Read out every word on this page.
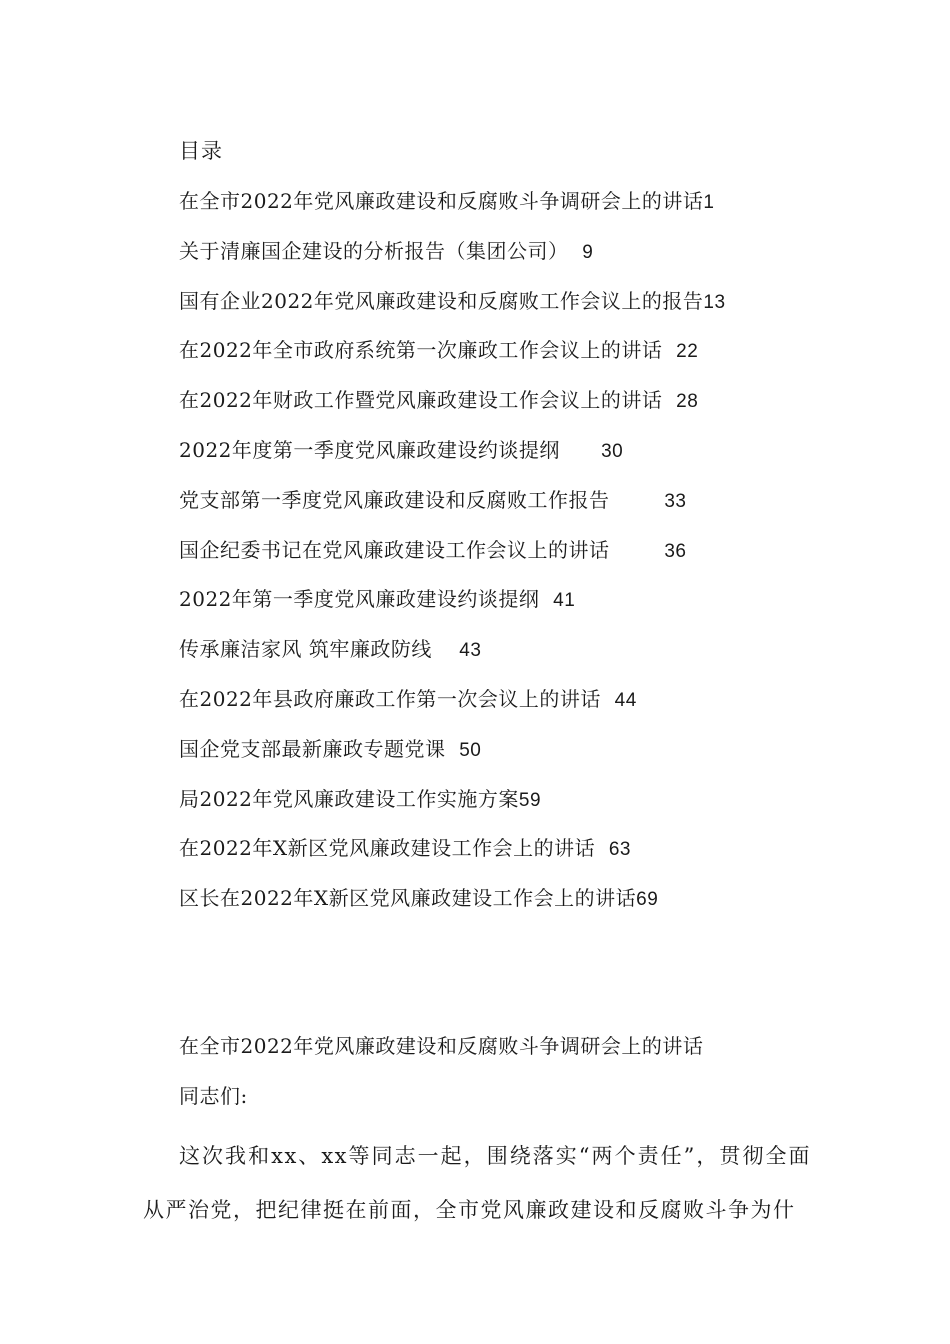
目录
在全市2022年党风廉政建设和反腐败斗争调研会上的讲话1
关于清廉国企建设的分析报告（集团公司） 9
国有企业2022年党风廉政建设和反腐败工作会议上的报告13
在2022年全市政府系统第一次廉政工作会议上的讲话 22
在2022年财政工作暨党风廉政建设工作会议上的讲话 28
2022年度第一季度党风廉政建设约谈提纲 30
党支部第一季度党风廉政建设和反腐败工作报告	33
国企纪委书记在党风廉政建设工作会议上的讲话	36
2022年第一季度党风廉政建设约谈提纲 41
传承廉洁家风 筑牢廉政防线 43
在2022年县政府廉政工作第一次会议上的讲话 44
国企党支部最新廉政专题党课 50
局2022年党风廉政建设工作实施方案59
在2022年X新区党风廉政建设工作会上的讲话 63
区长在2022年X新区党风廉政建设工作会上的讲话69
在全市2022年党风廉政建设和反腐败斗争调研会上的讲话
同志们:

这次我和xx、xx等同志一起，围绕落实“两个责任”，贯彻全面从严治党，把纪律挺在前面，全市党风廉政建设和反腐败斗争为什
